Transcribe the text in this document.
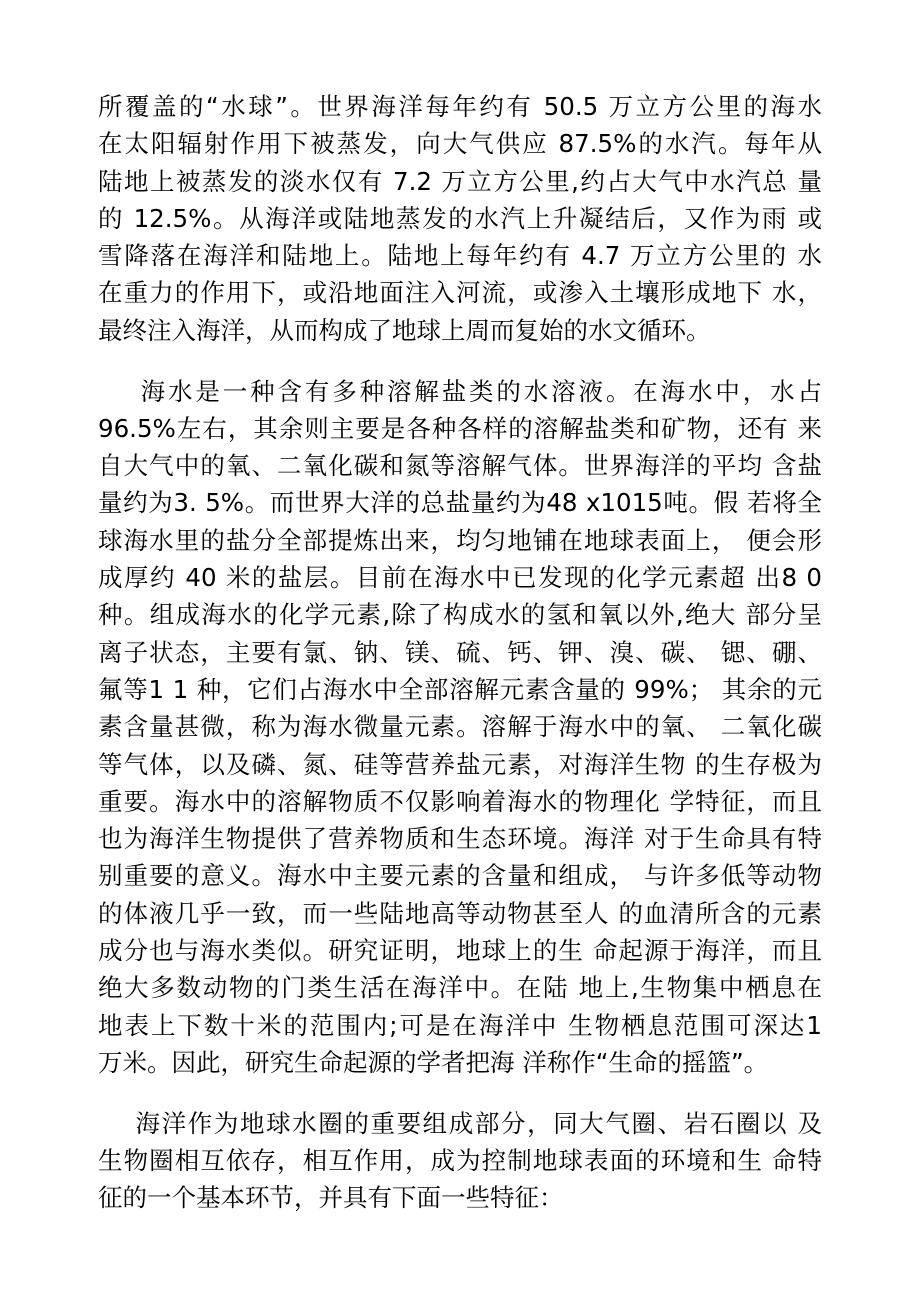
所覆盖的“水球”。世界海洋每年约有 50.5 万立方公里的海水
在太阳辐射作用下被蒸发，向大气供应 87.5%的水汽。每年从
陆地上被蒸发的淡水仅有 7.2 万立方公里,约占大气中水汽总 量
的 12.5%。从海洋或陆地蒸发的水汽上升凝结后，又作为雨 或
雪降落在海洋和陆地上。陆地上每年约有 4.7 万立方公里的 水
在重力的作用下，或沿地面注入河流，或渗入土壤形成地下 水，
最终注入海洋，从而构成了地球上周而复始的水文循环。
海水是一种含有多种溶解盐类的水溶液。在海水中，水占
96.5%左右，其余则主要是各种各样的溶解盐类和矿物，还有 来
自大气中的氧、二氧化碳和氮等溶解气体。世界海洋的平均 含盐
量约为3. 5%。而世界大洋的总盐量约为48 x1015吨。假 若将全
球海水里的盐分全部提炼出来，均匀地铺在地球表面上， 便会形
成厚约 40 米的盐层。目前在海水中已发现的化学元素超 出8 0
种。组成海水的化学元素,除了构成水的氢和氧以外,绝大 部分呈
离子状态，主要有氯、钠、镁、硫、钙、钾、溴、碳、 锶、硼、
氟等1 1 种，它们占海水中全部溶解元素含量的 99%； 其余的元
素含量甚微，称为海水微量元素。溶解于海水中的氧、 二氧化碳
等气体，以及磷、氮、硅等营养盐元素，对海洋生物 的生存极为
重要。海水中的溶解物质不仅影响着海水的物理化 学特征，而且
也为海洋生物提供了营养物质和生态环境。海洋 对于生命具有特
别重要的意义。海水中主要元素的含量和组成， 与许多低等动物
的体液几乎一致，而一些陆地高等动物甚至人 的血清所含的元素
成分也与海水类似。研究证明，地球上的生 命起源于海洋，而且
绝大多数动物的门类生活在海洋中。在陆 地上,生物集中栖息在
地表上下数十米的范围内;可是在海洋中 生物栖息范围可深达1
万米。因此，研究生命起源的学者把海 洋称作“生命的摇篮”。
海洋作为地球水圈的重要组成部分，同大气圈、岩石圈以 及
生物圈相互依存，相互作用，成为控制地球表面的环境和生 命特
征的一个基本环节，并具有下面一些特征：
